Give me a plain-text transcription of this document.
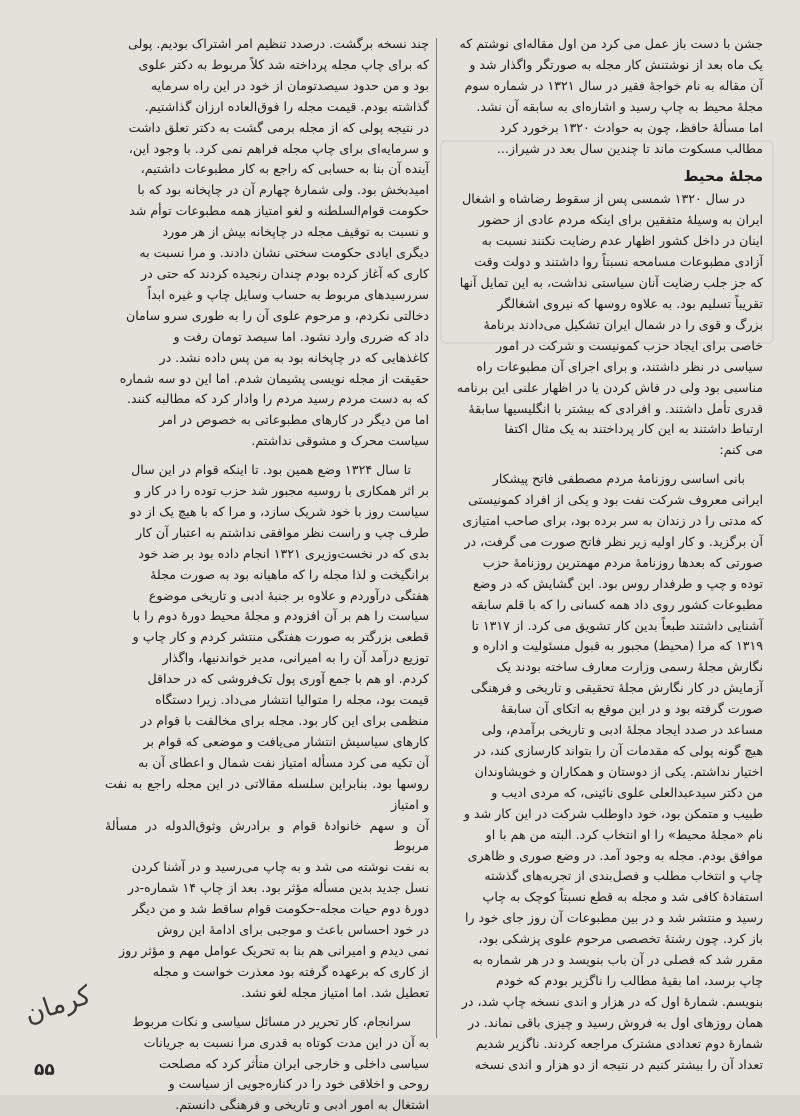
کرمان
۵۵

جشن با دست باز عمل می کرد من اول مقاله‌ای نوشتم که

یک ماه بعد از نوشتنش کار مجله به صورتگر واگذار شد و

آن مقاله به نام خواجۀ فقیر در سال ۱۳۲۱ در شماره سوم

مجلۀ محیط به چاپ رسید و اشاره‌ای به سابقه آن نشد.

اما مسألۀ حافظ، چون به حوادث ۱۳۲۰ برخورد کرد

مطالب مسکوت ماند تا چندین سال بعد در شیراز...

مجلۀ محیط

در سال ۱۳۲۰ شمسی پس از سقوط رضاشاه و اشغال

ایران به وسیلۀ متفقین برای اینکه مردم عادی از حضور

اینان در داخل کشور اظهار عدم رضایت نکنند نسبت به

آزادی مطبوعات مسامحه نسبتاً روا داشتند و دولت وقت

که جز جلب رضایت آنان سیاستی نداشت، به این تمایل آنها

تقریباً تسلیم بود. به علاوه روسها که نیروی اشغالگر

بزرگ و قوی را در شمال ایران تشکیل می‌دادند برنامۀ

خاصی برای ایجاد حزب کمونیست و شرکت در امور

سیاسی در نظر داشتند، و برای اجرای آن مطبوعات راه

مناسبی بود ولی در فاش کردن یا در اظهار علنی این برنامه

قدری تأمل داشتند. و افرادی که بیشتر با انگلیسیها سابقۀ

ارتباط داشتند به این کار پرداختند به یک مثال اکتفا

می کنم:

بانی اساسی روزنامۀ مردم مصطفی فاتح پیشکار

ایرانی معروف شرکت نفت بود و یکی از افراد کمونیستی

که مدتی را در زندان به سر برده بود، برای صاحب امتیازی

آن برگزید. و کار اولیه زیر نظر فاتح صورت می گرفت، در

صورتی که بعدها روزنامۀ مردم مهمترین روزنامۀ حزب

توده و چپ و طرفدار روس بود. این گشایش که در وضع

مطبوعات کشور روی داد همه کسانی را که با قلم سابقه

آشنایی داشتند طبعاً بدین کار تشویق می کرد. از ۱۳۱۷ تا

۱۳۱۹ که مرا (محیط) مجبور به قبول مسئولیت و اداره و

نگارش مجلۀ رسمی وزارت معارف ساخته بودند یک

آزمایش در کار نگارش مجلۀ تحقیقی و تاریخی و فرهنگی

صورت گرفته بود و در این موقع به اتکای آن سابقۀ

مساعد در صدد ایجاد مجلۀ ادبی و تاریخی برآمدم، ولی

هیچ گونه پولی که مقدمات آن را بتواند کارسازی کند، در

اختیار نداشتم. یکی از دوستان و همکاران و خویشاوندان

من دکتر سیدعبدالعلی علوی نائینی، که مردی ادیب و

طبیب و متمکن بود، خود داوطلب شرکت در این کار شد و

نام «مجلۀ محیط» را او انتخاب کرد. البته من هم با او

موافق بودم. مجله به وجود آمد. در وضع صوری و ظاهری

چاپ و انتخاب مطلب و فصل‌بندی از تجربه‌های گذشته

استفادۀ کافی شد و مجله به قطع نسبتاً کوچک به چاپ

رسید و منتشر شد و در بین مطبوعات آن روز جای خود را

باز کرد. چون رشتۀ تخصصی مرحوم علوی پزشکی بود،

مقرر شد که فصلی در آن باب بنویسد و در هر شماره به

چاپ برسد، اما بقیۀ مطالب را ناگزیر بودم که خودم

بنویسم. شمارۀ اول که در هزار و اندی نسخه چاپ شد، در

همان روزهای اول به فروش رسید و چیزی باقی نماند. در

شمارۀ دوم تعدادی مشترک مراجعه کردند. ناگزیر شدیم

تعداد آن را بیشتر کنیم در نتیجه از دو هزار و اندی نسخه

چند نسخه برگشت. درصدد تنظیم امر اشتراک بودیم. پولی

که برای چاپ مجله پرداخته شد کلاً مربوط به دکتر علوی

بود و من حدود سیصدتومان از خود در این راه سرمایه

گذاشته بودم. قیمت مجله را فوق‌العاده ارزان گذاشتیم.

در نتیجه پولی که از مجله برمی گشت به دکتر تعلق داشت

و سرمایه‌ای برای چاپ مجله فراهم نمی کرد. با وجود این،

آینده آن بنا به حسابی که راجع به کار مطبوعات داشتیم،

امیدبخش بود. ولی شمارۀ چهارم آن در چاپخانه بود که با

حکومت قوام‌السلطنه و لغو امتیاز همه مطبوعات توأم شد

و نسبت به توقیف مجله در چاپخانه بیش از هر مورد

دیگری ایادی حکومت سختی نشان دادند. و مرا نسبت به

کاری که آغاز کرده بودم چندان رنجیده کردند که حتی در

سررسیدهای مربوط به حساب وسایل چاپ و غیره ابداً

دخالتی نکردم، و مرحوم علوی آن را به طوری سرو سامان

داد که ضرری وارد نشود. اما سیصد تومان رفت و

کاغذهایی که در چاپخانه بود به من پس داده نشد. در

حقیقت از مجله نویسی پشیمان شدم. اما این دو سه شماره

که به دست مردم رسید مردم را وادار کرد که مطالبه کنند.

اما من دیگر در کارهای مطبوعاتی به خصوص در امر

سیاست محرک و مشوقی نداشتم.

تا سال ۱۳۲۴ وضع همین بود. تا اینکه قوام در این سال

بر اثر همکاری با روسیه مجبور شد حزب توده را در کار و

سیاست روز با خود شریک سازد، و مرا که با هیچ یک از دو

طرف چپ و راست نظر موافقی نداشتم به اعتبار آن کار

بدی که در نخست‌وزیری ۱۳۲۱ انجام داده بود بر ضد خود

برانگیخت و لذا مجله را که ماهیانه بود به صورت مجلۀ

هفتگی درآوردم و علاوه بر جنبۀ ادبی و تاریخی موضوع

سیاست را هم بر آن افزودم و مجلۀ محیط دورۀ دوم را با

قطعی بزرگتر به صورت هفتگی منتشر کردم و کار چاپ و

توزیع درآمد آن را به امیرانی، مدیر خواندنیها، واگذار

کردم. او هم با جمع آوری پول تک‌فروشی که در حداقل

قیمت بود، مجله را متوالیا انتشار می‌داد. زیرا دستگاه

منظمی برای این کار بود. مجله برای مخالفت با قوام در

کارهای سیاسیش انتشار می‌یافت و موضعی که قوام بر

آن تکیه می کرد مسأله امتیاز نفت شمال و اعطای آن به

روسها بود. بنابراین سلسله مقالاتی در این مجله راجع به نفت و امتیاز

آن و سهم خانوادۀ قوام و برادرش وثوق‌الدوله در مسألۀ مربوط

به نفت نوشته می شد و به چاپ می‌رسید و در آشنا کردن

نسل جدید بدین مسأله مؤثر بود. بعد از چاپ ۱۴ شماره-در

دورۀ دوم حیات مجله-حکومت قوام ساقط شد و من دیگر

در خود احساس باعث و موجبی برای ادامۀ این روش

نمی دیدم و امیرانی هم بنا به تحریک عوامل مهم و مؤثر روز

از کاری که برعهده گرفته بود معذرت خواست و مجله

تعطیل شد. اما امتیاز مجله لغو نشد.

سرانجام، کار تحریر در مسائل سیاسی و نکات مربوط

به آن در این مدت کوتاه به قدری مرا نسبت به جریانات

سیاسی داخلی و خارجی ایران متأثر کرد که مصلحت

روحی و اخلاقی خود را در کناره‌جویی از سیاست و

اشتغال به امور ادبی و تاریخی و فرهنگی دانستم.
